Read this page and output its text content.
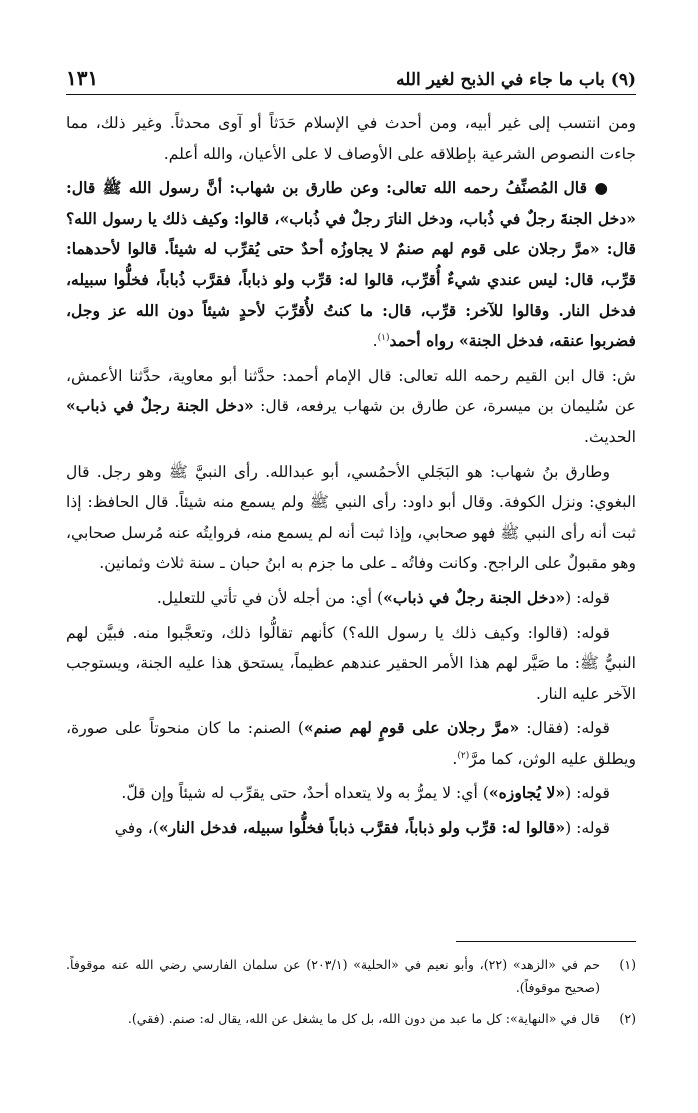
(٩) باب ما جاء في الذبح لغير الله
١٣١

ومن انتسب إلى غير أبيه، ومن أحدث في الإسلام حَدَثاً أو آوى محدثاً. وغير ذلك، مما جاءت النصوص الشرعية بإطلاقه على الأوصاف لا على الأعيان، والله أعلم.

● قال المُصنِّفُ رحمه الله تعالى: وعن طارق بن شهاب: أنَّ رسول الله ﷺ قال: «دخل الجنةَ رجلٌ في ذُباب، ودخل النارَ رجلٌ في ذُباب»، قالوا: وكيف ذلك يا رسول الله؟ قال: «مرَّ رجلان على قوم لهم صنمٌ لا يجاوزُه أحدٌ حتى يُقرِّب له شيئاً. قالوا لأحدهما: قرِّب، قال: ليس عندي شيءٌ أُقرِّب، قالوا له: قرِّب ولو ذباباً، فقرَّب ذُباباً، فخلُّوا سبيله، فدخل النار. وقالوا للآخر: قرِّب، قال: ما كنتُ لأُقرِّبَ لأحدٍ شيئاً دون الله عز وجل، فضربوا عنقه، فدخل الجنة» رواه أحمد$^{(١)}$.

ش: قال ابن القيم رحمه الله تعالى: قال الإمام أحمد: حدَّثنا أبو معاوية، حدَّثنا الأعمش، عن سُليمان بن ميسرة، عن طارق بن شهاب يرفعه، قال: «دخل الجنة رجلٌ في ذباب» الحديث.

وطارق بنُ شهاب: هو البَجَلي الأحمُسي، أبو عبدالله. رأى النبيَّ ﷺ وهو رجل. قال البغوي: ونزل الكوفة. وقال أبو داود: رأى النبي ﷺ ولم يسمع منه شيئاً. قال الحافظ: إذا ثبت أنه رأى النبي ﷺ فهو صحابي، وإذا ثبت أنه لم يسمع منه، فروايتُه عنه مُرسل صحابي، وهو مقبولٌ على الراجح. وكانت وفاتُه ـ على ما جزم به ابنُ حبان ـ سنة ثلاث وثمانين.

قوله: («دخل الجنة رجلٌ في ذباب») أي: من أجله لأن في تأتي للتعليل.

قوله: (قالوا: وكيف ذلك يا رسول الله؟) كأنهم تقالُّوا ذلك، وتعجَّبوا منه. فبيَّن لهم النبيُّ ﷺ: ما صَيَّر لهم هذا الأمر الحقير عندهم عظيماً، يستحق هذا عليه الجنة، ويستوجب الآخر عليه النار.

قوله: (فقال: «مرَّ رجلان على قومٍ لهم صنم») الصنم: ما كان منحوتاً على صورة، ويطلق عليه الوثن، كما مرَّ$^{(٢)}$.

قوله: («لا يُجاوزه») أي: لا يمرُّ به ولا يتعداه أحدٌ، حتى يقرِّب له شيئاً وإن قلّ.

قوله: («قالوا له: قرِّب ولو ذباباً، فقرَّب ذباباً فخلُّوا سبيله، فدخل النار»)، وفي

(١)
حم في «الزهد» (٢٢)، وأبو نعيم في «الحلية» (٢٠٣/١) عن سلمان الفارسي رضي الله عنه موقوفاً. (صحيح موقوفاً).
(٢)
قال في «النهاية»: كل ما عبد من دون الله، بل كل ما يشغل عن الله، يقال له: صنم. (فقي).
